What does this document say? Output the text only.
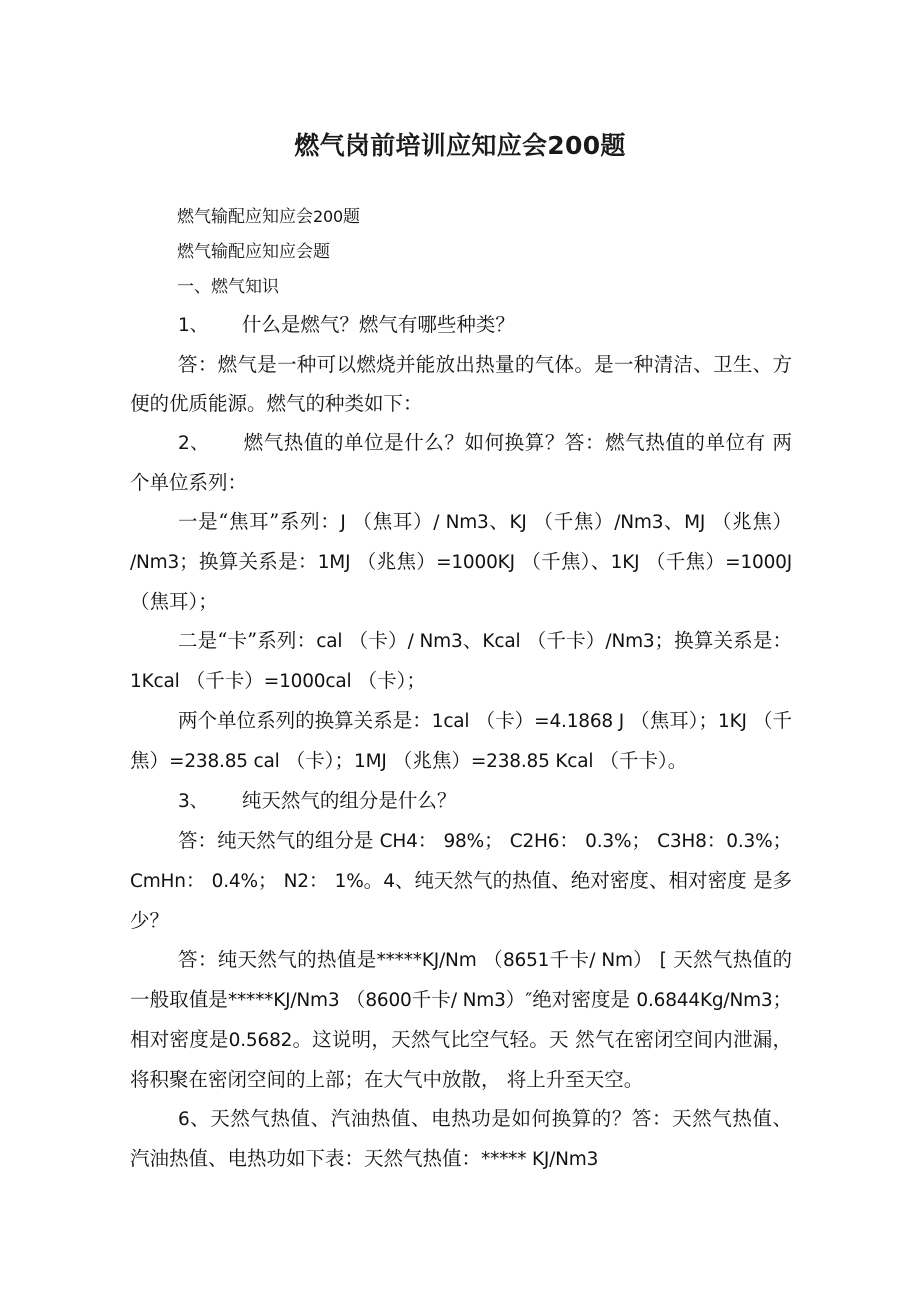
燃气岗前培训应知应会200题

燃气输配应知应会200题

燃气输配应知应会题

一、燃气知识

1、 什么是燃气？燃气有哪些种类？

答：燃气是一种可以燃烧并能放出热量的气体。是一种清洁、卫生、方便的优质能源。燃气的种类如下：

2、 燃气热值的单位是什么？如何换算？答：燃气热值的单位有 两个单位系列：

一是“焦耳”系列：J （焦耳）/ Nm3、KJ （千焦）/Nm3、MJ （兆焦） /Nm3；换算关系是：1MJ （兆焦）=1000KJ （千焦）、1KJ （千焦）=1000J （焦耳）；

二是“卡”系列：cal （卡）/ Nm3、Kcal （千卡）/Nm3；换算关系是：1Kcal （千卡）=1000cal （卡）；

两个单位系列的换算关系是：1cal （卡）=4.1868 J （焦耳）；1KJ （千焦）=238.85 cal （卡）；1MJ （兆焦）=238.85 Kcal （千卡）。

3、 纯天然气的组分是什么？

答：纯天然气的组分是 CH4： 98%； C2H6： 0.3%； C3H8：0.3%； CmHn： 0.4%； N2： 1%。4、纯天然气的热值、绝对密度、相对密度 是多少？

答：纯天然气的热值是*****KJ/Nm （8651千卡/ Nm） [ 天然气热值的一般取值是*****KJ/Nm3 （8600千卡/ Nm3）″绝对密度是 0.6844Kg/Nm3；相对密度是0.5682。这说明，天然气比空气轻。天 然气在密闭空间内泄漏，将积聚在密闭空间的上部；在大气中放散， 将上升至天空。

6、天然气热值、汽油热值、电热功是如何换算的？答：天然气热值、汽油热值、电热功如下表：天然气热值：***** KJ/Nm3
